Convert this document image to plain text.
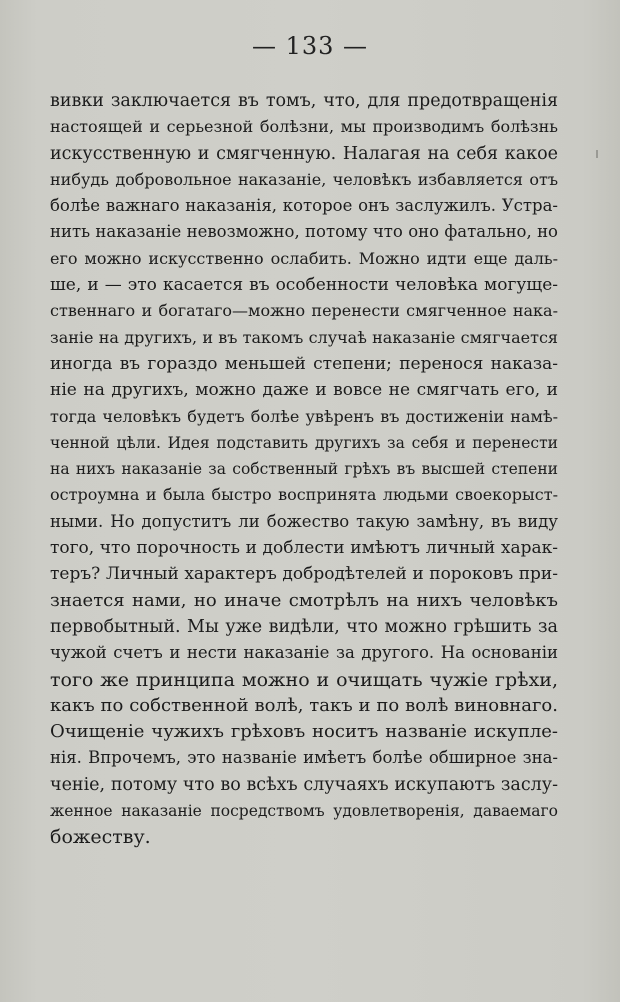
— 133 —
вивки заключается въ томъ, что, для предотвращенія
настоящей и серьезной болѣзни, мы производимъ болѣзнь
искусственную и смягченную. Налагая на себя какое
нибудь добровольное наказаніе, человѣкъ избавляется отъ
болѣе важнаго наказанія, которое онъ заслужилъ. Устра-
нить наказаніе невозможно, потому что оно фатально, но
его можно искусственно ослабить. Можно идти еще даль-
ше, и — это касается въ особенности человѣка могуще-
ственнаго и богатаго—можно перенести смягченное нака-
заніе на другихъ, и въ такомъ случаѣ наказаніе смягчается
иногда въ гораздо меньшей степени; перенося наказа-
ніе на другихъ, можно даже и вовсе не смягчать его, и
тогда человѣкъ будетъ болѣе увѣренъ въ достиженіи намѣ-
ченной цѣли. Идея подставить другихъ за себя и перенести
на нихъ наказаніе за собственный грѣхъ въ высшей степени
остроумна и была быстро воспринята людьми своекорыст-
ными. Но допуститъ ли божество такую замѣну, въ виду
того, что порочность и доблести имѣютъ личный харак-
теръ? Личный характеръ добродѣтелей и пороковъ при-
знается нами, но иначе смотрѣлъ на нихъ человѣкъ
первобытный. Мы уже видѣли, что можно грѣшить за
чужой счетъ и нести наказаніе за другого. На основаніи
того же принципа можно и очищать чужіе грѣхи,
какъ по собственной волѣ, такъ и по волѣ виновнаго.
Очищеніе чужихъ грѣховъ носитъ названіе искупле-
нія. Впрочемъ, это названіе имѣетъ болѣе обширное зна-
ченіе, потому что во всѣхъ случаяхъ искупаютъ заслу-
женное наказаніе посредствомъ удовлетворенія, даваемаго
божеству.
